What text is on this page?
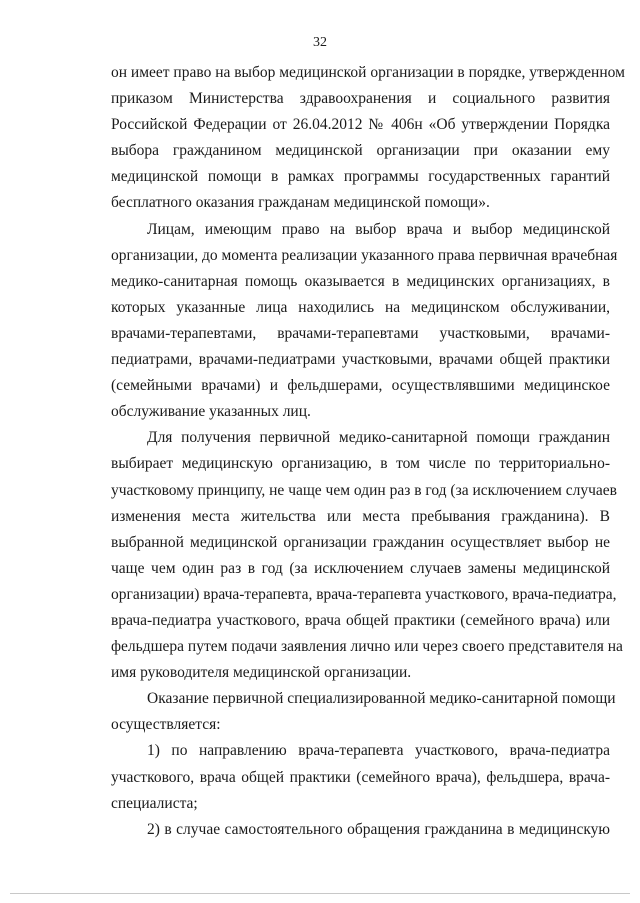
32
он имеет право на выбор медицинской организации в порядке, утвержденном
приказом Министерства здравоохранения и социального развития
Российской Федерации от 26.04.2012 № 406н «Об утверждении Порядка
выбора гражданином медицинской организации при оказании ему
медицинской помощи в рамках программы государственных гарантий
бесплатного оказания гражданам медицинской помощи».
Лицам, имеющим право на выбор врача и выбор медицинской
организации, до момента реализации указанного права первичная врачебная
медико-санитарная помощь оказывается в медицинских организациях, в
которых указанные лица находились на медицинском обслуживании,
врачами-терапевтами, врачами-терапевтами участковыми, врачами-
педиатрами, врачами-педиатрами участковыми, врачами общей практики
(семейными врачами) и фельдшерами, осуществлявшими медицинское
обслуживание указанных лиц.
Для получения первичной медико-санитарной помощи гражданин
выбирает медицинскую организацию, в том числе по территориально-
участковому принципу, не чаще чем один раз в год (за исключением случаев
изменения места жительства или места пребывания гражданина). В
выбранной медицинской организации гражданин осуществляет выбор не
чаще чем один раз в год (за исключением случаев замены медицинской
организации) врача-терапевта, врача-терапевта участкового, врача-педиатра,
врача-педиатра участкового, врача общей практики (семейного врача) или
фельдшера путем подачи заявления лично или через своего представителя на
имя руководителя медицинской организации.
Оказание первичной специализированной медико-санитарной помощи
осуществляется:
1) по направлению врача-терапевта участкового, врача-педиатра
участкового, врача общей практики (семейного врача), фельдшера, врача-
специалиста;
2) в случае самостоятельного обращения гражданина в медицинскую
